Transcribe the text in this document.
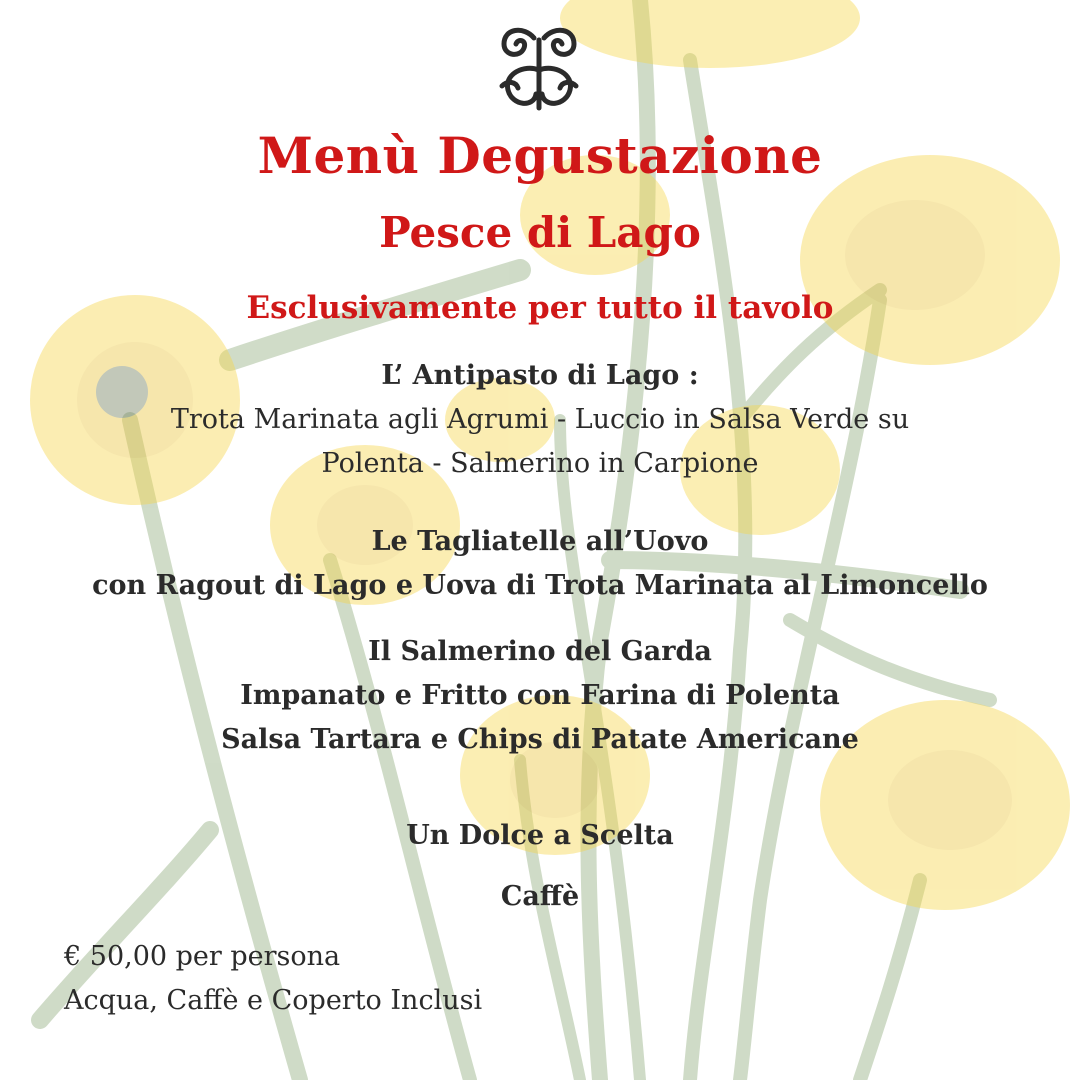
Menù Degustazione
Pesce di Lago
Esclusivamente per tutto il tavolo
L’ Antipasto di Lago :
Trota Marinata agli Agrumi - Luccio in Salsa Verde su
Polenta - Salmerino in Carpione
Le Tagliatelle all’Uovo
con Ragout di Lago e Uova di Trota Marinata al Limoncello
Il Salmerino del Garda
Impanato e Fritto con Farina di Polenta
Salsa Tartara e Chips di Patate Americane
Un Dolce a Scelta
Caffè
€ 50,00 per persona
Acqua, Caffè e Coperto Inclusi
